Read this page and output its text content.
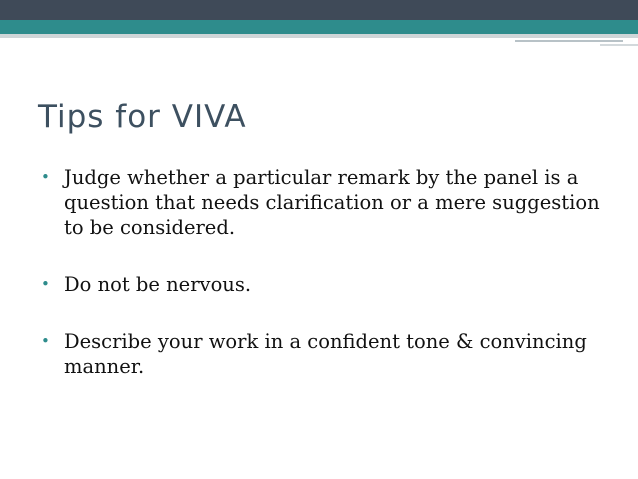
Tips for VIVA
• Judge whether a particular remark by the panel is a question that needs clarification or a mere suggestion to be considered.
• Do not be nervous.
• Describe your work in a confident tone & convincing manner.
